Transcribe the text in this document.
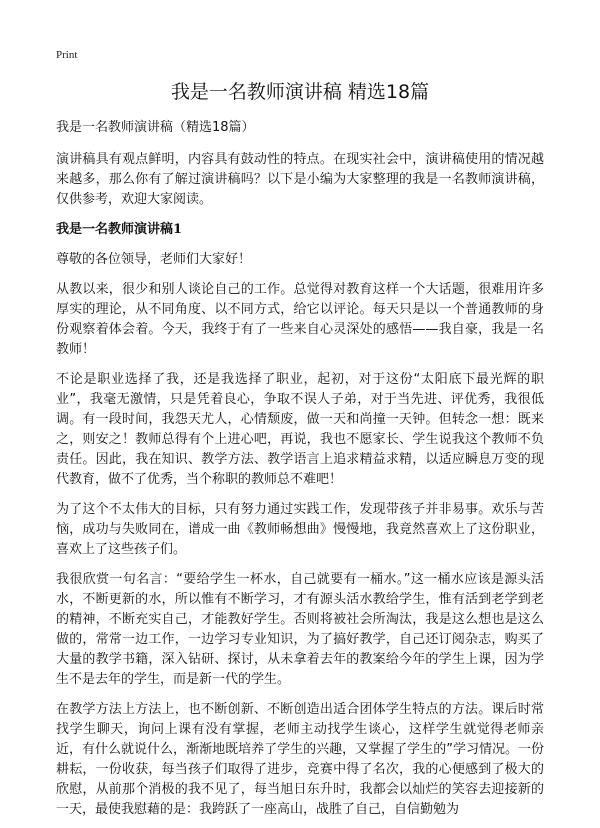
Print
我是一名教师演讲稿 精选18篇

我是一名教师演讲稿（精选18篇）

演讲稿具有观点鲜明，内容具有鼓动性的特点。在现实社会中，演讲稿使用的情况越来越多，那么你有了解过演讲稿吗？以下是小编为大家整理的我是一名教师演讲稿，仅供参考，欢迎大家阅读。

我是一名教师演讲稿1

尊敬的各位领导，老师们大家好！

从教以来，很少和别人谈论自己的工作。总觉得对教育这样一个大话题，很难用许多厚实的理论，从不同角度、以不同方式，给它以评论。每天只是以一个普通教师的身份观察着体会着。今天，我终于有了一些来自心灵深处的感悟——我自豪，我是一名教师！

不论是职业选择了我，还是我选择了职业，起初，对于这份“太阳底下最光辉的职业”，我毫无激情，只是凭着良心，争取不误人子弟，对于当先进、评优秀，我很低调。有一段时间，我怨天尤人，心情颓废，做一天和尚撞一天钟。但转念一想：既来之，则安之！教师总得有个上进心吧，再说，我也不愿家长、学生说我这个教师不负责任。因此，我在知识、教学方法、教学语言上追求精益求精，以适应瞬息万变的现代教育，做不了优秀，当个称职的教师总不难吧！

为了这个不太伟大的目标，只有努力通过实践工作，发现带孩子并非易事。欢乐与苦恼，成功与失败同在，谱成一曲《教师畅想曲》慢慢地，我竟然喜欢上了这份职业，喜欢上了这些孩子们。

我很欣赏一句名言：“要给学生一杯水，自己就要有一桶水。”这一桶水应该是源头活水，不断更新的水，所以惟有不断学习，才有源头活水教给学生，惟有活到老学到老的精神，不断充实自己，才能教好学生。否则将被社会所淘汰，我是这么想也是这么做的，常常一边工作，一边学习专业知识，为了搞好教学，自己还订阅杂志，购买了大量的教学书籍，深入钻研、探讨，从未拿着去年的教案给今年的学生上课，因为学生不是去年的学生，而是新一代的学生。

在教学方法上方法上，也不断创新、不断创造出适合团体学生特点的方法。课后时常找学生聊天，询问上课有没有掌握，老师主动找学生谈心，这样学生就觉得老师亲近，有什么就说什么，渐渐地既培养了学生的兴趣，又掌握了学生的”学习情况。一份耕耘，一份收获，每当孩子们取得了进步，竞赛中得了名次，我的心便感到了极大的欣慰，从前那个消极的我不见了，每当旭日东升时，我都会以灿烂的笑容去迎接新的一天，最使我慰藉的是：我跨跃了一座高山，战胜了自己，自信勤勉为
